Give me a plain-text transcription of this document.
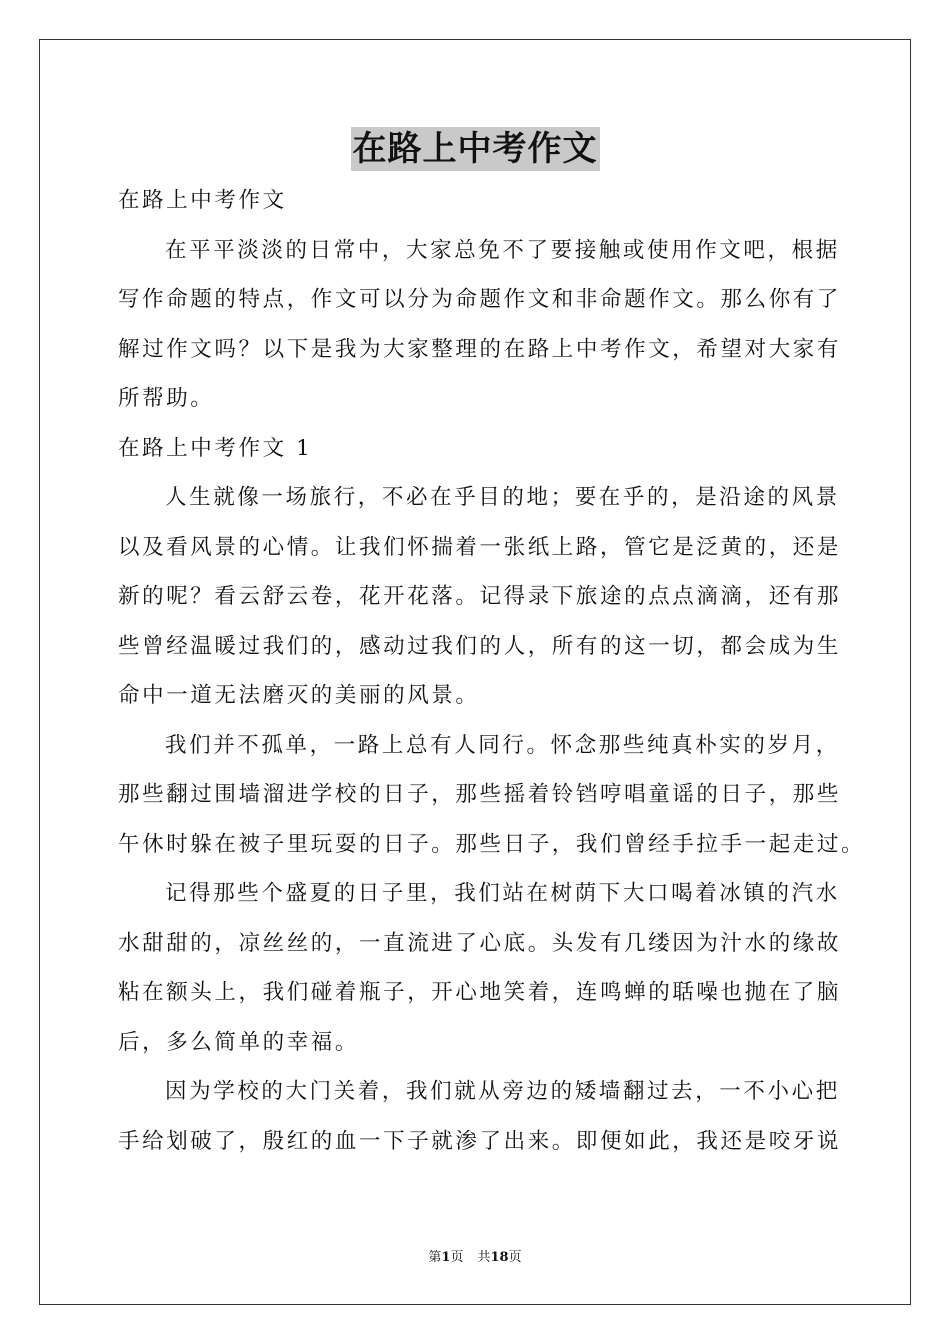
在路上中考作文
在路上中考作文
在平平淡淡的日常中，大家总免不了要接触或使用作文吧，根据
写作命题的特点，作文可以分为命题作文和非命题作文。那么你有了
解过作文吗？以下是我为大家整理的在路上中考作文，希望对大家有
所帮助。
在路上中考作文 1
人生就像一场旅行，不必在乎目的地；要在乎的，是沿途的风景
以及看风景的心情。让我们怀揣着一张纸上路，管它是泛黄的，还是
新的呢？看云舒云卷，花开花落。记得录下旅途的点点滴滴，还有那
些曾经温暖过我们的，感动过我们的人，所有的这一切，都会成为生
命中一道无法磨灭的美丽的风景。
我们并不孤单，一路上总有人同行。怀念那些纯真朴实的岁月，
那些翻过围墙溜进学校的日子，那些摇着铃铛哼唱童谣的日子，那些
午休时躲在被子里玩耍的日子。那些日子，我们曾经手拉手一起走过。
记得那些个盛夏的日子里，我们站在树荫下大口喝着冰镇的汽水
水甜甜的，凉丝丝的，一直流进了心底。头发有几缕因为汁水的缘故
粘在额头上，我们碰着瓶子，开心地笑着，连鸣蝉的聒噪也抛在了脑
后，多么简单的幸福。
因为学校的大门关着，我们就从旁边的矮墙翻过去，一不小心把
手给划破了，殷红的血一下子就渗了出来。即便如此，我还是咬牙说
第1页 共18页
